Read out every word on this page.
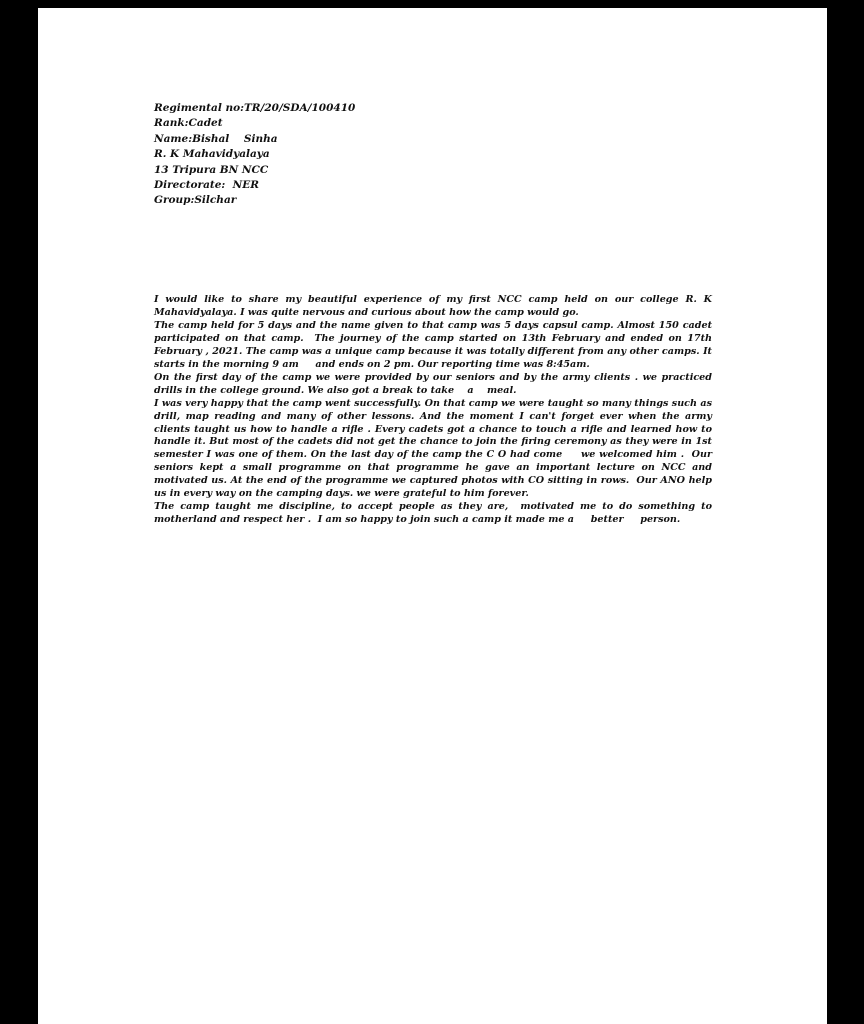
Regimental no:TR/20/SDA/100410
Rank:Cadet
Name:Bishal    Sinha
R. K Mahavidyalaya
13 Tripura BN NCC
Directorate:  NER
Group:Silchar

I would like to share my beautiful experience of my first NCC camp held on our college R. K Mahavidyalaya. I was quite nervous and curious about how the camp would go.

The camp held for 5 days and the name given to that camp was 5 days capsul camp. Almost 150 cadet participated on that camp.  The journey of the camp started on 13th February and ended on 17th February , 2021. The camp was a unique camp because it was totally different from any other camps. It starts in the morning 9 am     and ends on 2 pm. Our reporting time was 8:45am.

On the first day of the camp we were provided by our seniors and by the army clients . we practiced drills in the college ground. We also got a break to take    a    meal.

I was very happy that the camp went successfully. On that camp we were taught so many things such as drill, map reading and many of other lessons. And the moment I can't forget ever when the army clients taught us how to handle a rifle . Every cadets got a chance to touch a rifle and learned how to handle it. But most of the cadets did not get the chance to join the firing ceremony as they were in 1st semester I was one of them. On the last day of the camp the C O had come     we welcomed him .  Our seniors kept a small programme on that programme he gave an important lecture on NCC and motivated us. At the end of the programme we captured photos with CO sitting in rows.  Our ANO help us in every way on the camping days. we were grateful to him forever.

The camp taught me discipline, to accept people as they are,  motivated me to do something to motherland and respect her .  I am so happy to join such a camp it made me a     better     person.
